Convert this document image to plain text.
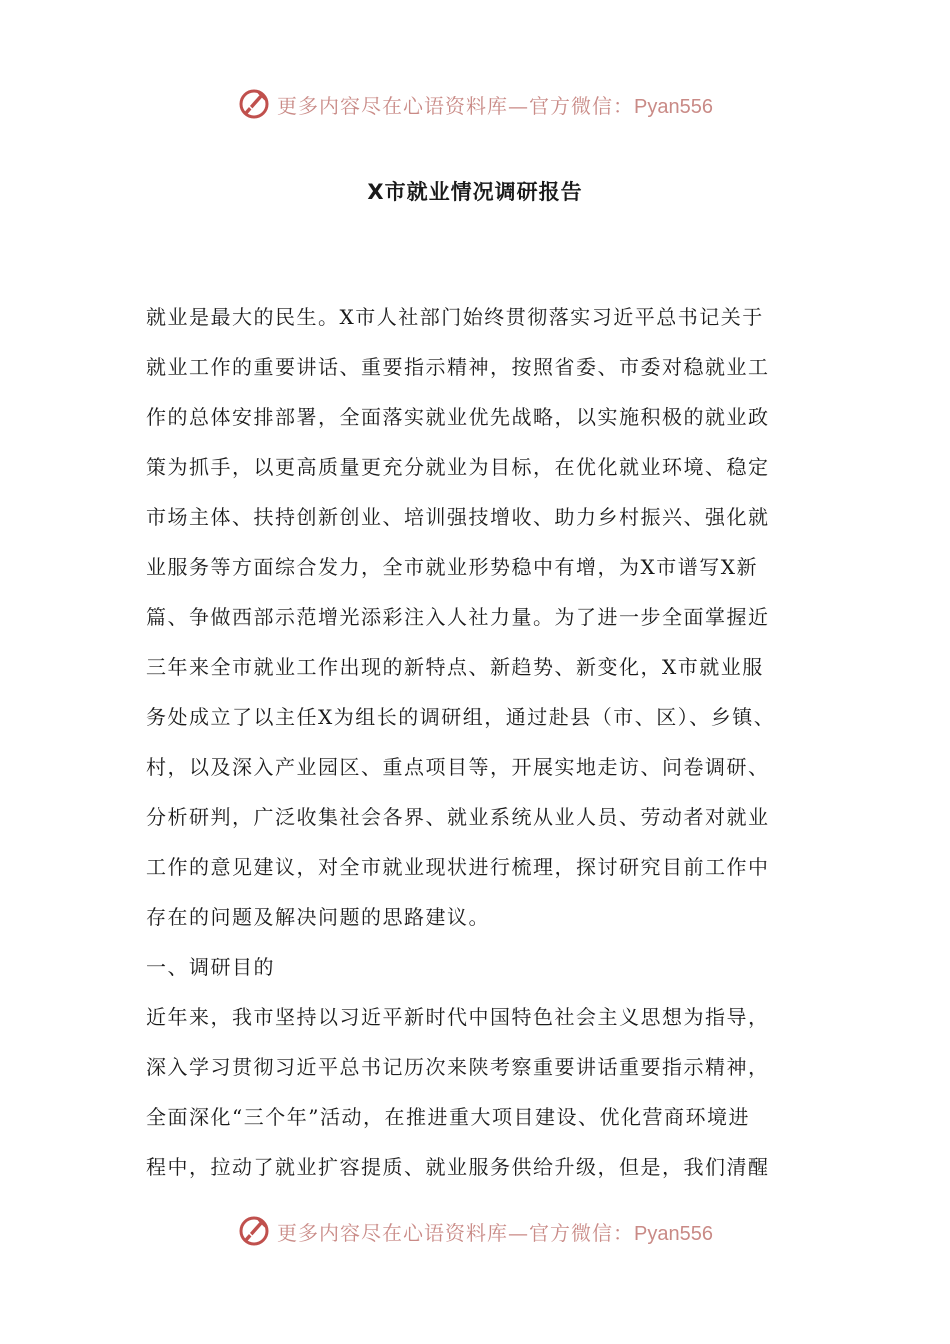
更多内容尽在心语资料库—官方微信：Pyan556
X市就业情况调研报告
就业是最大的民生。X市人社部门始终贯彻落实习近平总书记关于
就业工作的重要讲话、重要指示精神，按照省委、市委对稳就业工
作的总体安排部署，全面落实就业优先战略，以实施积极的就业政
策为抓手，以更高质量更充分就业为目标，在优化就业环境、稳定
市场主体、扶持创新创业、培训强技增收、助力乡村振兴、强化就
业服务等方面综合发力，全市就业形势稳中有增，为X市谱写X新
篇、争做西部示范增光添彩注入人社力量。为了进一步全面掌握近
三年来全市就业工作出现的新特点、新趋势、新变化，X市就业服
务处成立了以主任X为组长的调研组，通过赴县（市、区）、乡镇、
村，以及深入产业园区、重点项目等，开展实地走访、问卷调研、
分析研判，广泛收集社会各界、就业系统从业人员、劳动者对就业
工作的意见建议，对全市就业现状进行梳理，探讨研究目前工作中
存在的问题及解决问题的思路建议。
一、调研目的
近年来，我市坚持以习近平新时代中国特色社会主义思想为指导，
深入学习贯彻习近平总书记历次来陕考察重要讲话重要指示精神，
全面深化“三个年”活动，在推进重大项目建设、优化营商环境进
程中，拉动了就业扩容提质、就业服务供给升级，但是，我们清醒
更多内容尽在心语资料库—官方微信：Pyan556
